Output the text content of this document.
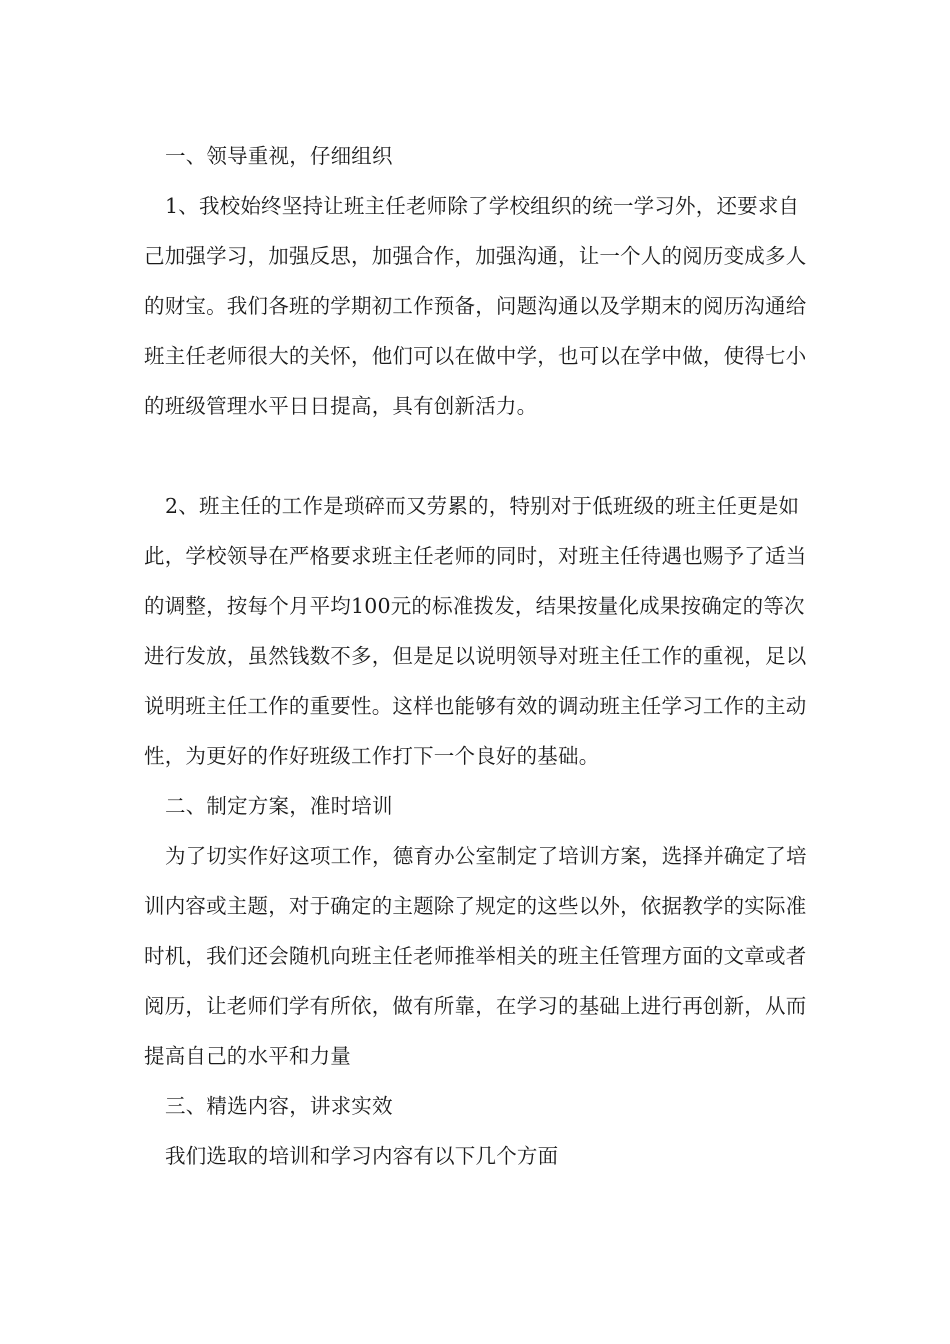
一、领导重视，仔细组织

1、我校始终坚持让班主任老师除了学校组织的统一学习外，还要求自己加强学习，加强反思，加强合作，加强沟通，让一个人的阅历变成多人的财宝。我们各班的学期初工作预备，问题沟通以及学期末的阅历沟通给班主任老师很大的关怀，他们可以在做中学，也可以在学中做，使得七小的班级管理水平日日提高，具有创新活力。

2、班主任的工作是琐碎而又劳累的，特别对于低班级的班主任更是如此，学校领导在严格要求班主任老师的同时，对班主任待遇也赐予了适当的调整，按每个月平均100元的标准拨发，结果按量化成果按确定的等次进行发放，虽然钱数不多，但是足以说明领导对班主任工作的重视，足以说明班主任工作的重要性。这样也能够有效的调动班主任学习工作的主动性，为更好的作好班级工作打下一个良好的基础。

二、制定方案，准时培训

为了切实作好这项工作，德育办公室制定了培训方案，选择并确定了培训内容或主题，对于确定的主题除了规定的这些以外，依据教学的实际准时机，我们还会随机向班主任老师推举相关的班主任管理方面的文章或者阅历，让老师们学有所依，做有所靠，在学习的基础上进行再创新，从而提高自己的水平和力量

三、精选内容，讲求实效

我们选取的培训和学习内容有以下几个方面
